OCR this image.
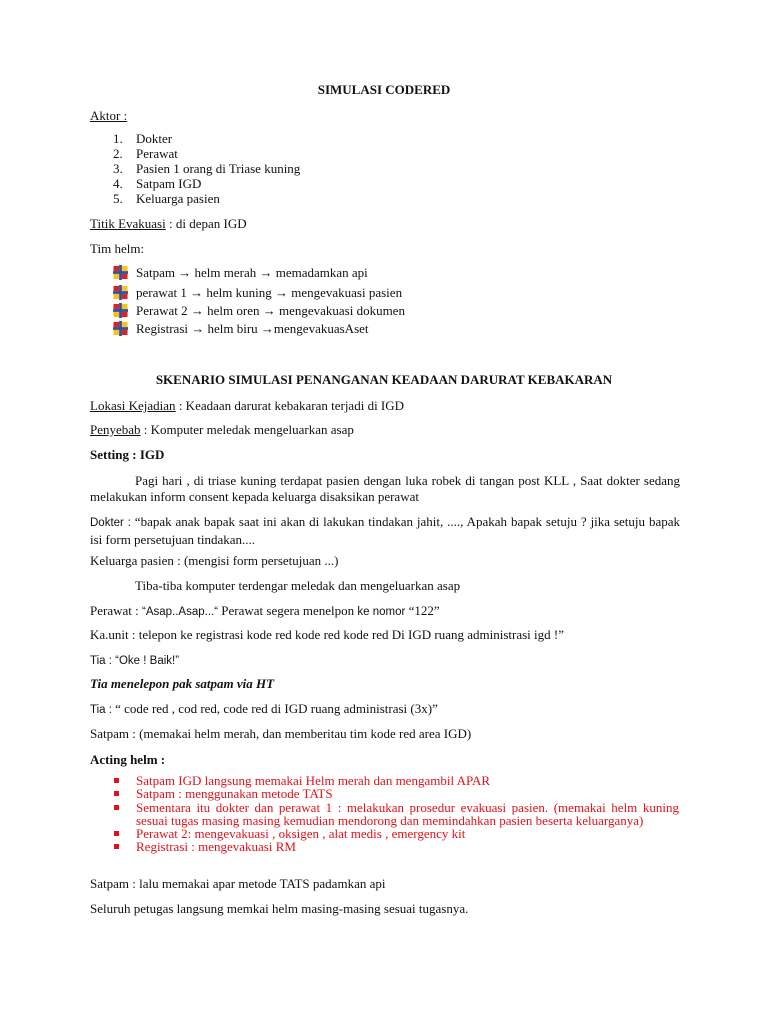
SIMULASI CODERED
Aktor :
1. Dokter
2. Perawat
3. Pasien 1 orang di Triase kuning
4. Satpam IGD
5. Keluarga pasien
Titik Evakuasi : di depan IGD
Tim helm:
Satpam → helm merah → memadamkan api
perawat 1 → helm kuning → mengevakuasi pasien
Perawat 2 → helm oren → mengevakuasi dokumen
Registrasi → helm biru →mengevakuasAset
SKENARIO SIMULASI PENANGANAN KEADAAN DARURAT KEBAKARAN
Lokasi Kejadian : Keadaan darurat kebakaran terjadi di IGD
Penyebab : Komputer meledak mengeluarkan asap
Setting : IGD
Pagi hari , di triase kuning terdapat pasien dengan luka robek di tangan post KLL , Saat dokter sedang melakukan inform consent kepada keluarga disaksikan perawat
Dokter : “bapak anak bapak saat ini akan di lakukan tindakan jahit, ...., Apakah bapak setuju ? jika setuju bapak isi form persetujuan tindakan....
Keluarga pasien : (mengisi form persetujuan ...)
Tiba-tiba komputer terdengar meledak dan mengeluarkan asap
Perawat : “Asap..Asap...“ Perawat segera menelpon ke nomor “122”
Ka.unit : telepon ke registrasi kode red kode red kode red Di IGD ruang administrasi igd !”
Tia : “Oke ! Baik!”
Tia menelepon pak satpam via HT
Tia : “ code red , cod red, code red di IGD ruang administrasi (3x)”
Satpam : (memakai helm merah, dan memberitau tim kode red area IGD)
Acting helm :
Satpam IGD langsung memakai Helm merah dan mengambil APAR
Satpam : menggunakan metode TATS
Sementara itu dokter dan perawat 1 : melakukan prosedur evakuasi pasien. (memakai helm kuning sesuai tugas masing masing kemudian mendorong dan memindahkan pasien beserta keluarganya)
Perawat 2: mengevakuasi , oksigen , alat medis , emergency kit
Registrasi : mengevakuasi RM
Satpam : lalu memakai apar metode TATS padamkan api
Seluruh petugas langsung memkai helm masing-masing sesuai tugasnya.
